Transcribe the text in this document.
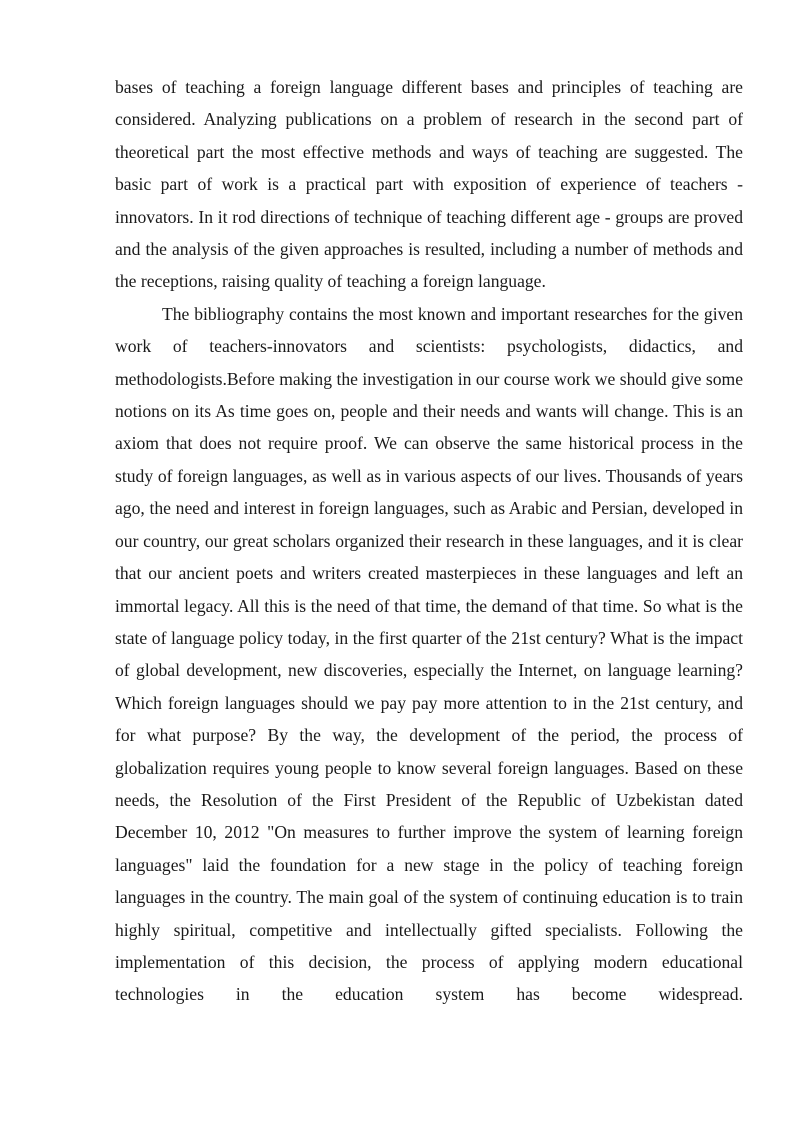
bases of teaching a foreign language different bases and principles of teaching are considered. Analyzing publications on a problem of research in the second part of theoretical part the most effective methods and ways of teaching are suggested. The basic part of work is a practical part with exposition of experience of teachers - innovators. In it rod directions of technique of teaching different age - groups are proved and the analysis of the given approaches is resulted, including a number of methods and the receptions, raising quality of teaching a foreign language.

The bibliography contains the most known and important researches for the given work of teachers-innovators and scientists: psychologists, didactics, and methodologists.Before making the investigation in our course work we should give some notions on its As time goes on, people and their needs and wants will change. This is an axiom that does not require proof. We can observe the same historical process in the study of foreign languages, as well as in various aspects of our lives. Thousands of years ago, the need and interest in foreign languages, such as Arabic and Persian, developed in our country, our great scholars organized their research in these languages, and it is clear that our ancient poets and writers created masterpieces in these languages and left an immortal legacy. All this is the need of that time, the demand of that time. So what is the state of language policy today, in the first quarter of the 21st century? What is the impact of global development, new discoveries, especially the Internet, on language learning? Which foreign languages should we pay pay more attention to in the 21st century, and for what purpose? By the way, the development of the period, the process of globalization requires young people to know several foreign languages. Based on these needs, the Resolution of the First President of the Republic of Uzbekistan dated December 10, 2012 "On measures to further improve the system of learning foreign languages" laid the foundation for a new stage in the policy of teaching foreign languages in the country. The main goal of the system of continuing education is to train highly spiritual, competitive and intellectually gifted specialists. Following the implementation of this decision, the process of applying modern educational technologies in the education system has become widespread.
